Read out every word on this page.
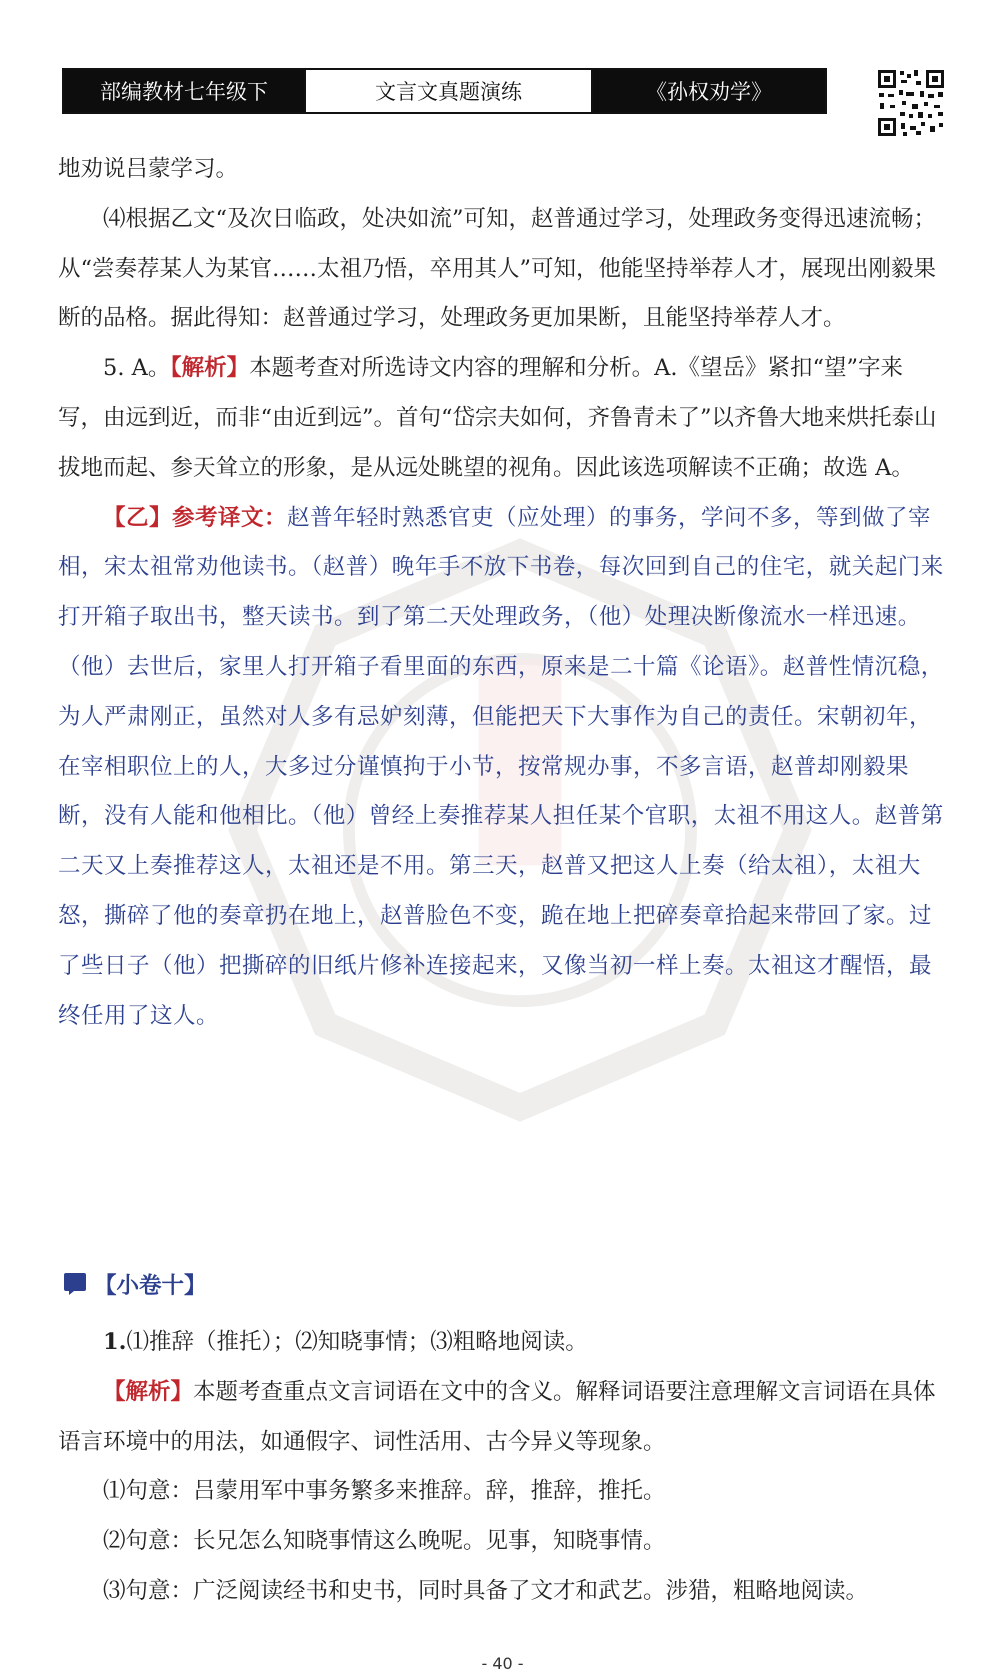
部编教材七年级下	文言文真题演练	《孙权劝学》

地劝说吕蒙学习。

⑷根据乙文“及次日临政，处决如流”可知，赵普通过学习，处理政务变得迅速流畅；从“尝奏荐某人为某官……太祖乃悟，卒用其人”可知，他能坚持举荐人才，展现出刚毅果断的品格。据此得知：赵普通过学习，处理政务更加果断，且能坚持举荐人才。

5. A。【解析】本题考查对所选诗文内容的理解和分析。A.《望岳》紧扣“望”字来写，由远到近，而非“由近到远”。首句“岱宗夫如何，齐鲁青未了”以齐鲁大地来烘托泰山拔地而起、参天耸立的形象，是从远处眺望的视角。因此该选项解读不正确；故选 A。

【乙】参考译文：赵普年轻时熟悉官吏（应处理）的事务，学问不多，等到做了宰相，宋太祖常劝他读书。（赵普）晚年手不放下书卷，每次回到自己的住宅，就关起门来打开箱子取出书，整天读书。到了第二天处理政务，（他）处理决断像流水一样迅速。（他）去世后，家里人打开箱子看里面的东西，原来是二十篇《论语》。赵普性情沉稳，为人严肃刚正，虽然对人多有忌妒刻薄，但能把天下大事作为自己的责任。宋朝初年，在宰相职位上的人，大多过分谨慎拘于小节，按常规办事，不多言语，赵普却刚毅果断，没有人能和他相比。（他）曾经上奏推荐某人担任某个官职，太祖不用这人。赵普第二天又上奏推荐这人，太祖还是不用。第三天，赵普又把这人上奏（给太祖），太祖大怒，撕碎了他的奏章扔在地上，赵普脸色不变，跪在地上把碎奏章拾起来带回了家。过了些日子（他）把撕碎的旧纸片修补连接起来，又像当初一样上奏。太祖这才醒悟，最终任用了这人。

【小卷十】

1.⑴推辞（推托）；⑵知晓事情；⑶粗略地阅读。

【解析】本题考查重点文言词语在文中的含义。解释词语要注意理解文言词语在具体语言环境中的用法，如通假字、词性活用、古今异义等现象。

⑴句意：吕蒙用军中事务繁多来推辞。辞，推辞，推托。

⑵句意：长兄怎么知晓事情这么晚呢。见事，知晓事情。

⑶句意：广泛阅读经书和史书，同时具备了文才和武艺。涉猎，粗略地阅读。

- 40 -
